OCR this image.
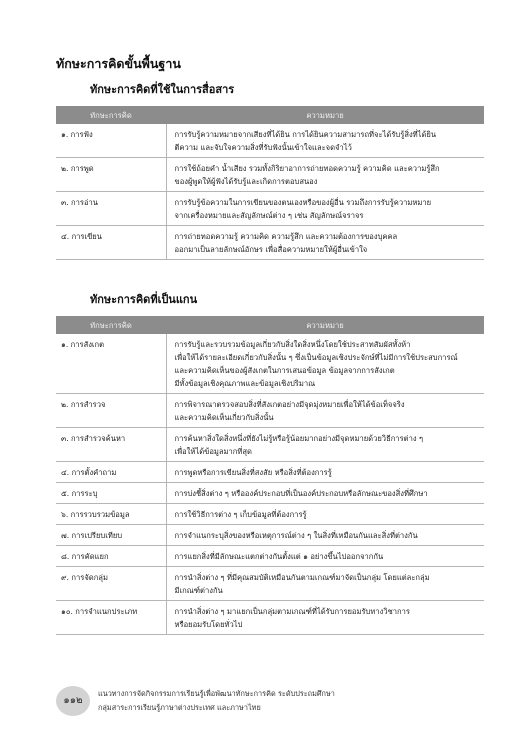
ทักษะการคิดขั้นพื้นฐาน
ทักษะการคิดที่ใช้ในการสื่อสาร
ทักษะการคิด	ความหมาย
๑. การฟัง	การรับรู้ความหมายจากเสียงที่ได้ยิน การได้ยินความสามารถที่จะได้รับรู้สิ่งที่ได้ยิน
ตีความ และจับใจความสิ่งที่รับฟังนั้นเข้าใจและจดจำไว้

๒. การพูด	การใช้ถ้อยคำ น้ำเสียง รวมทั้งกิริยาอาการถ่ายทอดความรู้ ความคิด และความรู้สึก
ของผู้พูดให้ผู้ฟังได้รับรู้และเกิดการตอบสนอง

๓. การอ่าน	การรับรู้ข้อความในการเขียนของตนเองหรือของผู้อื่น รวมถึงการรับรู้ความหมาย
จากเครื่องหมายและสัญลักษณ์ต่าง ๆ เช่น สัญลักษณ์จราจร

๔. การเขียน	การถ่ายทอดความรู้ ความคิด ความรู้สึก และความต้องการของบุคคล
ออกมาเป็นลายลักษณ์อักษร เพื่อสื่อความหมายให้ผู้อื่นเข้าใจ
ทักษะการคิดที่เป็นแกน
ทักษะการคิด	ความหมาย
๑. การสังเกต	การรับรู้และรวบรวมข้อมูลเกี่ยวกับสิ่งใดสิ่งหนึ่งโดยใช้ประสาทสัมผัสทั้งห้า
เพื่อให้ได้รายละเอียดเกี่ยวกับสิ่งนั้น ๆ ซึ่งเป็นข้อมูลเชิงประจักษ์ที่ไม่มีการใช้ประสบการณ์
และความคิดเห็นของผู้สังเกตในการเสนอข้อมูล ข้อมูลจากการสังเกต
มีทั้งข้อมูลเชิงคุณภาพและข้อมูลเชิงปริมาณ

๒. การสำรวจ	การพิจารณาตรวจสอบสิ่งที่สังเกตอย่างมีจุดมุ่งหมายเพื่อให้ได้ข้อเท็จจริง
และความคิดเห็นเกี่ยวกับสิ่งนั้น

๓. การสำรวจค้นหา	การค้นหาสิ่งใดสิ่งหนึ่งที่ยังไม่รู้หรือรู้น้อยมากอย่างมีจุดหมายด้วยวิธีการต่าง ๆ
เพื่อให้ได้ข้อมูลมากที่สุด

๔. การตั้งคำถาม	การพูดหรือการเขียนสิ่งที่สงสัย หรือสิ่งที่ต้องการรู้

๕. การระบุ	การบ่งชี้สิ่งต่าง ๆ หรือองค์ประกอบที่เป็นองค์ประกอบหรือลักษณะของสิ่งที่ศึกษา

๖. การรวบรวมข้อมูล	การใช้วิธีการต่าง ๆ เก็บข้อมูลที่ต้องการรู้

๗. การเปรียบเทียบ	การจำแนกระบุสิ่งของหรือเหตุการณ์ต่าง ๆ ในสิ่งที่เหมือนกันและสิ่งที่ต่างกัน

๘. การคัดแยก	การแยกสิ่งที่มีลักษณะแตกต่างกันตั้งแต่ ๑ อย่างขึ้นไปออกจากกัน

๙. การจัดกลุ่ม	การนำสิ่งต่าง ๆ ที่มีคุณสมบัติเหมือนกันตามเกณฑ์มาจัดเป็นกลุ่ม โดยแต่ละกลุ่ม
มีเกณฑ์ต่างกัน

๑๐. การจำแนกประเภท	การนำสิ่งต่าง ๆ มาแยกเป็นกลุ่มตามเกณฑ์ที่ได้รับการยอมรับทางวิชาการ
หรือยอมรับโดยทั่วไป
๑๑๒
แนวทางการจัดกิจกรรมการเรียนรู้เพื่อพัฒนาทักษะการคิด ระดับประถมศึกษา
กลุ่มสาระการเรียนรู้ภาษาต่างประเทศ และภาษาไทย
